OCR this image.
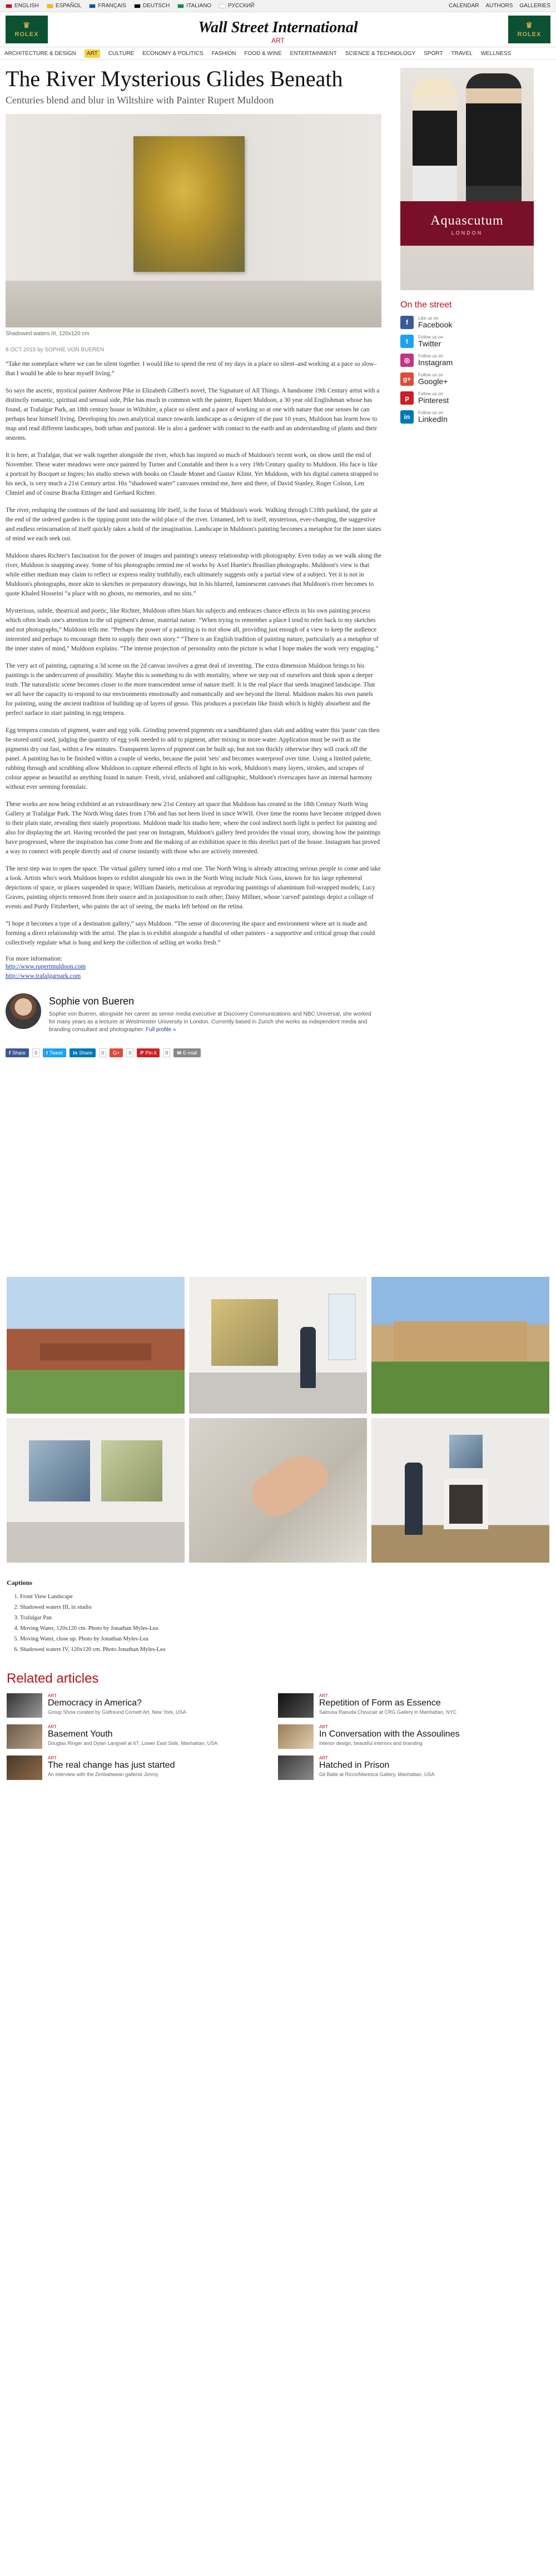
ENGLISH	ESPAÑOL	FRANÇAIS	DEUTSCH	ITALIANO	РУССКИЙ	CALENDAR AUTHORS GALLERIES
♛
ROLEX	Wall Street International
ART
♛
ROLEX
ARCHITECTURE & DESIGN	ART	CULTURE ECONOMY & POLITICS FASHION FOOD & WINE ENTERTAINMENT SCIENCE & TECHNOLOGY SPORT TRAVEL WELLNESS
The River Mysterious Glides Beneath
Centuries blend and blur in Wiltshire with Painter Rupert Muldoon
Shadowed waters III, 120x120 cm
8 OCT 2015 by SOPHIE VON BUEREN

“Take me someplace where we can be silent together. I would like to spend the rest of my days in a place so silent–and working at a pace so slow–that I would be able to hear myself living.”

So says the ascetic, mystical painter Ambrose Pike in Elizabeth Gilbert's novel, The Signature of All Things. A handsome 19th Century artist with a distinctly romantic, spiritual and sensual side, Pike has much in common with the painter, Rupert Muldoon, a 30 year old Englishman whose has found, at Trafalgar Park, an 18th century house in Wiltshire, a place so silent and a pace of working so at one with nature that one senses he can perhaps hear himself living. Developing his own analytical stance towards landscape as a designer of the past 10 years, Muldoon has learnt how to map and read different landscapes, both urban and pastoral. He is also a gardener with contact to the earth and an understanding of plants and their seasons.

It is here, at Trafalgar, that we walk together alongside the river, which has inspired so much of Muldoon's recent work, on show until the end of November. These water meadows were once painted by Turner and Constable and there is a very 19th Century quality to Muldoon. His face is like a portrait by Bocquet or Ingres; his studio strewn with books on Claude Monet and Gustav Klimt. Yet Muldoon, with his digital camera strapped to his neck, is very much a 21st Century artist. His “shadowed water” canvases remind me, here and there, of David Stanley, Roger Colson, Len Chmiel and of course Bracha Ettinger and Gerhard Richter.

The river, reshaping the contours of the land and sustaining life itself, is the focus of Muldoon's work. Walking through C18th parkland, the gate at the end of the ordered garden is the tipping point into the wild place of the river. Untamed, left to itself, mysterious, ever-changing, the suggestive and endless reincarnation of itself quickly takes a hold of the imagination. Landscape in Muldoon's painting becomes a metaphor for the inner states of mind we each seek out.

Muldoon shares Richter's fascination for the power of images and painting's uneasy relationship with photography. Even today as we walk along the river, Muldoon is snapping away. Some of his photographs remind me of works by Axel Huette's Brasilian photographs. Muldoon's view is that while either medium may claim to reflect or express reality truthfully, each ultimately suggests only a partial view of a subject. Yet it is not in Muldoon's photographs, more akin to sketches or preparatory drawings, but in his blurred, luminescent canvases that Muldoon's river becomes to quote Khaled Hosseini “a place with no ghosts, no memories, and no sins.”

Mysterious, subtle, theatrical and poetic, like Richter, Muldoon often blurs his subjects and embraces chance effects in his own painting process which often leads one's attention to the oil pigment's dense, material nature. “When trying to remember a place I tend to refer back to my sketches and not photographs,” Muldoon tells me. “Perhaps the power of a painting is to not show all, providing just enough of a view to keep the audience interested and perhaps to encourage them to supply their own story.” “There is an English tradition of painting nature, particularly as a metaphor of the inner states of mind,” Muldoon explains. “The intense projection of personality onto the picture is what I hope makes the work very engaging.”

The very act of painting, capturing a 3d scene on the 2d canvas involves a great deal of inventing. The extra dimension Muldoon brings to his paintings is the undercurrent of possibility. Maybe this is something to do with mortality, where we step out of ourselves and think upon a deeper truth. The naturalistic scene becomes closer to the more transcendent sense of nature itself. It is the real place that seeds imagined landscape. That we all have the capacity to respond to our environments emotionally and romantically and see beyond the literal. Muldoon makes his own panels for painting, using the ancient tradition of building up of layers of gesso. This produces a porcelain like finish which is highly absorbent and the perfect surface to start painting in egg tempera.

Egg tempera consists of pigment, water and egg yolk. Grinding powered pigments on a sandblasted glass slab and adding water this 'paste' can then be stored until used, judging the quantity of egg yolk needed to add to pigment, after mixing in more water. Application must be swift as the pigments dry out fast, within a few minutes. Transparent layers of pigment can be built up, but not too thickly otherwise they will crack off the panel. A painting has to be finished within a couple of weeks, because the paint 'sets' and becomes waterproof over time. Using a limited palette, rubbing through and scrubbing allow Muldoon to capture ethereal effects of light in his work, Muldoon's many layers, strokes, and scrapes of colour appear as beautiful as anything found in nature. Fresh, vivid, unlabored and calligraphic, Muldoon's riverscapes have an internal harmony without ever seeming formulaic.

These works are now being exhibited at an extraordinary new 21st Century art space that Muldoon has created in the 18th Century North Wing Gallery at Trafalgar Park. The North Wing dates from 1766 and has not been lived in since WWII. Over time the rooms have become stripped down to their plain state, revealing their stately proportions. Muldoon made his studio here, where the cool indirect north light is perfect for painting and also for displaying the art. Having recorded the past year on Instagram, Muldoon's gallery feed provides the visual story, showing how the paintings have progressed, where the inspiration has come from and the making of an exhibition space in this derelict part of the house. Instagram has proved a way to connect with people directly and of course instantly with those who are actively interested.

The next step was to open the space. The virtual gallery turned into a real one. The North Wing is already attracting serious people to come and take a look. Artists who's work Muldoon hopes to exhibit alongside his own in the North Wing include Nick Goss, known for his large ephemeral depictions of space, or places suspended in space; William Daniels, meticulous at reproducing paintings of aluminium foil-wrapped models; Lucy Graves, painting objects removed from their source and in juxtaposition to each other; Daisy Millner, whose 'carved' paintings depict a collage of events and Purdy Fitzherbert, who paints the act of seeing, the marks left behind on the retina.

“I hope it becomes a type of a destination gallery,” says Muldoon. “The sense of discovering the space and environment where art is made and forming a direct relationship with the artist. The plan is to exhibit alongside a handful of other painters - a supportive and critical group that could collectively regulate what is hung and keep the collection of selling art works fresh.”

For more information:
http://www.rupertmuldoon.com
http://www.trafalgarpark.com
Sophie von Bueren
Sophie von Bueren, alongside her career as senior media executive at Discovery Communications and NBC Universal, she worked for many years as a lecturer at Westminster University in London. Currently based in Zurich she works as independent media and branding consultant and photographer. Full profile »
f Share	0	t Tweet in Share	0	G+	0	P Pin it	0	✉ E-mail
Aquascutum
LONDON
On the street
f
Like us on
Facebook
t
Follow us on
Twitter
◎
Follow us on
Instagram
g+
Follow us on
Google+
p
Follow us on
Pinterest
in
Follow us on
LinkedIn
Captions
1. Front View Landscape
2. Shadowed waters III, in studio
3. Trafalgar Pan
4. Moving Water, 120x120 cm. Photo by Jonathan Myles-Lea
5. Moving Water, close up. Photo by Jonathan Myles-Lea
6. Shadowed waters IV, 120x120 cm. Photo Jonathan Myles-Lea
Related articles
ART
Democracy in America?
Group Show curated by Gülfreund Cornett Art, New York, USA
ART
Repetition of Form as Essence
Salousa Raouda Choucair at CRG Gallery in Manhattan, NYC
ART
Basement Youth
Douglas Ringer and Dylan Langvell at 67, Lower East Side, Manhattan, USA
ART
In Conversation with the Assoulines
Interior design, beautiful interiors and branding
ART
The real change has just started
An interview with the Zimbabwean gallerist Jimmy
ART
Hatched in Prison
Gil Batle at Ricco/Maresca Gallery, Manhattan, USA
